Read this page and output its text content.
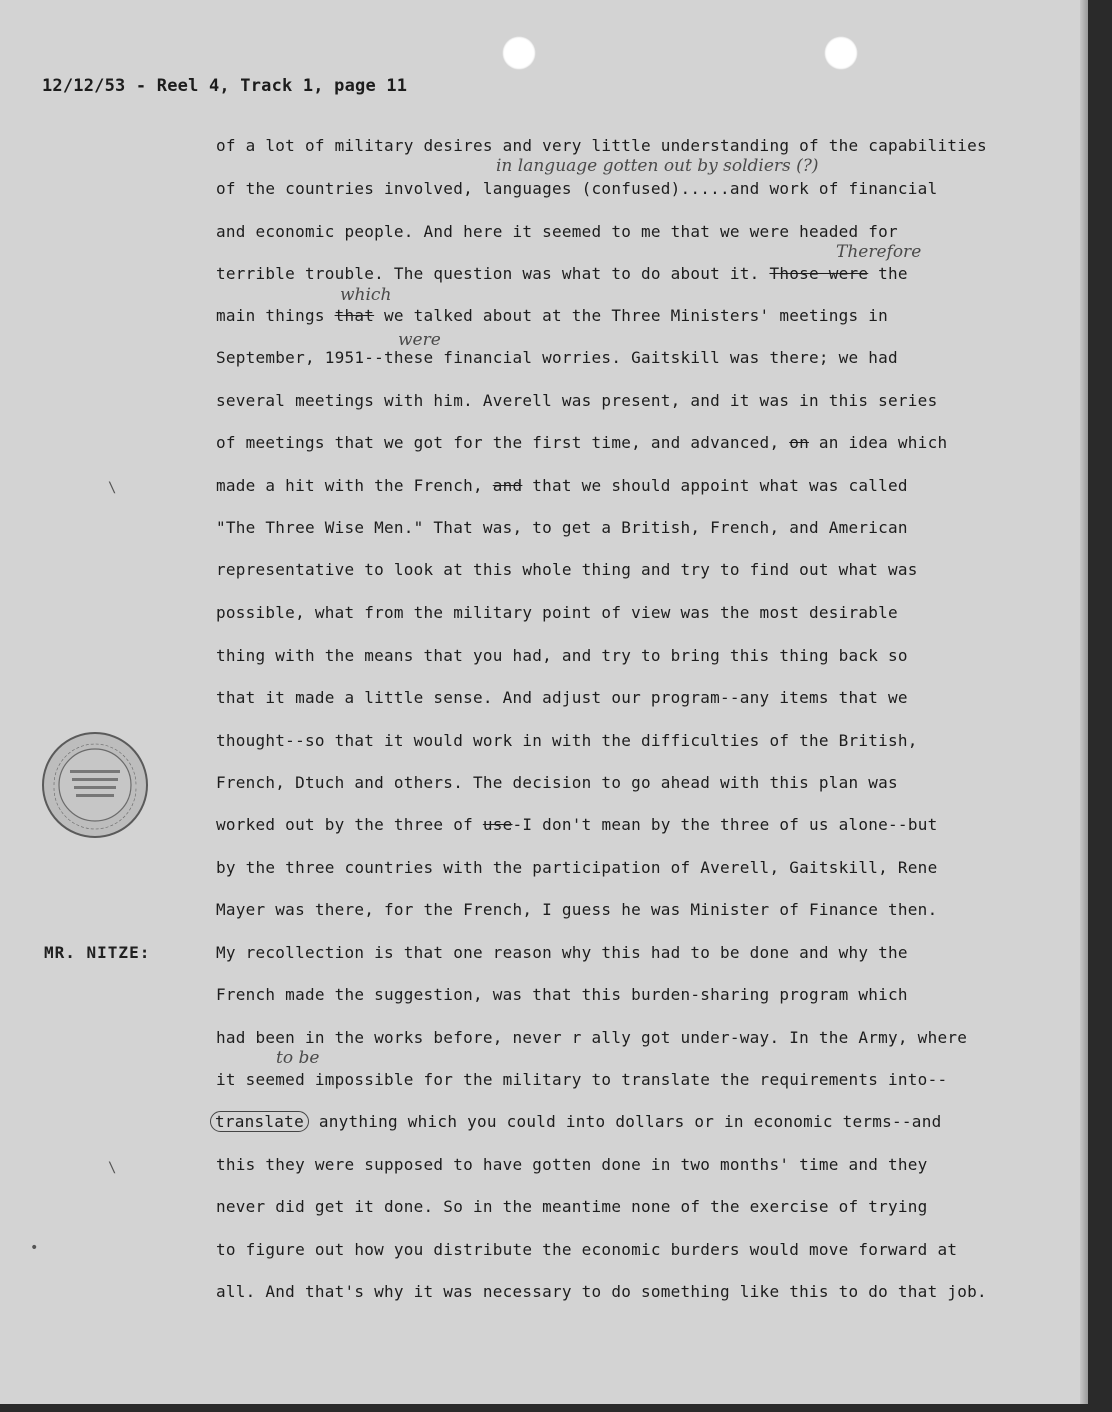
12/12/53 - Reel 4, Track 1, page 11
in language gotten out by soldiers (?)
Therefore
which
were
to be
of a lot of military desires and very little understanding of the capabilities
of the countries involved, languages (confused).....and work of financial
and economic people. And here it seemed to me that we were headed for
terrible trouble. The question was what to do about it. Those were the
main things that we talked about at the Three Ministers' meetings in
September, 1951--these financial worries. Gaitskill was there; we had
several meetings with him. Averell was present, and it was in this series
of meetings that we got for the first time, and advanced, on an idea which
made a hit with the French, and that we should appoint what was called
"The Three Wise Men." That was, to get a British, French, and American
representative to look at this whole thing and try to find out what was
possible, what from the military point of view was the most desirable
thing with the means that you had, and try to bring this thing back so
that it made a little sense. And adjust our program--any items that we
thought--so that it would work in with the difficulties of the British,
French, Dtuch and others. The decision to go ahead with this plan was
worked out by the three of use-I don't mean by the three of us alone--but
by the three countries with the participation of Averell, Gaitskill, Rene
Mayer was there, for the French, I guess he was Minister of Finance then.
MR. NITZE:	My recollection is that one reason why this had to be done and why the
French made the suggestion, was that this burden-sharing program which
had been in the works before, never r ally got under-way. In the Army, where
it seemed impossible for the military to translate the requirements into--
translate anything which you could into dollars or in economic terms--and
this they were supposed to have gotten done in two months' time and they
never did get it done. So in the meantime none of the exercise of trying
to figure out how you distribute the economic burders would move forward at
all. And that's why it was necessary to do something like this to do that job.
\
•
\
